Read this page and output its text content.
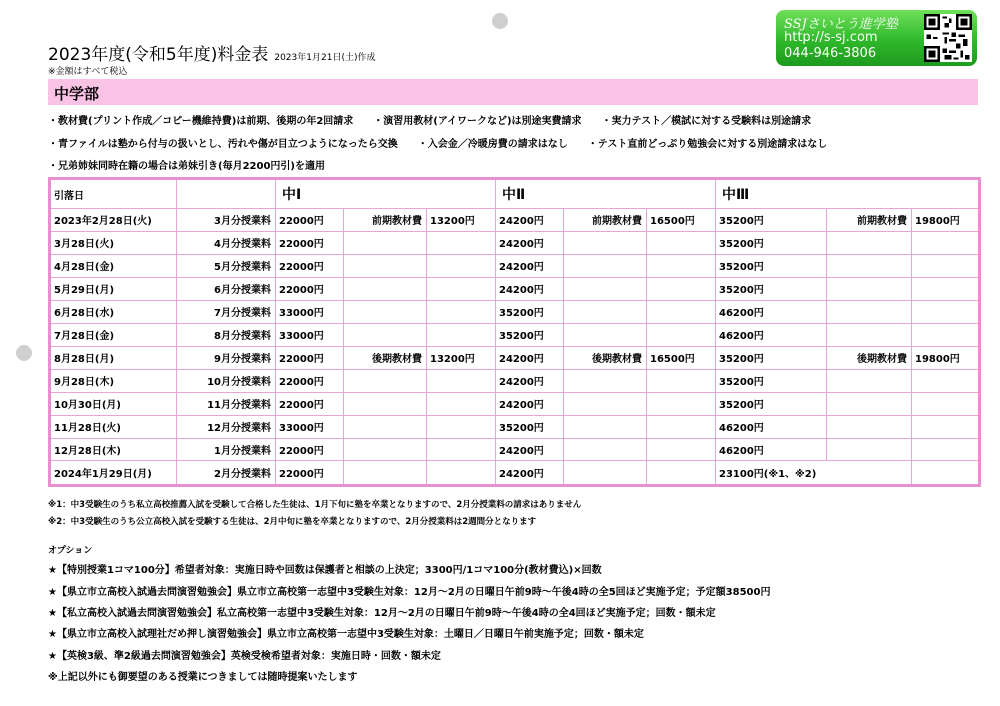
2023年度(令和5年度)料金表 2023年1月21日(土)作成
※金額はすべて税込
SSJさいとう進学塾
http://s-sj.com
044-946-3806
中学部
・教材費(プリント作成／コピー機維持費)は前期、後期の年2回請求　　・演習用教材(アイワークなど)は別途実費請求　　・実力テスト／模試に対する受験料は別途請求
・青ファイルは塾から付与の扱いとし、汚れや傷が目立つようになったら交換　　・入会金／冷暖房費の請求はなし　　・テスト直前どっぷり勉強会に対する別途請求はなし
・兄弟姉妹同時在籍の場合は弟妹引き(毎月2200円引)を適用
引落日		中Ⅰ			中Ⅱ			中Ⅲ		
2023年2月28日(火)	3月分授業料	22000円	前期教材費	13200円	24200円	前期教材費	16500円	35200円	前期教材費	19800円
3月28日(火)	4月分授業料	22000円			24200円			35200円		
4月28日(金)	5月分授業料	22000円			24200円			35200円		
5月29日(月)	6月分授業料	22000円			24200円			35200円		
6月28日(水)	7月分授業料	33000円			35200円			46200円		
7月28日(金)	8月分授業料	33000円			35200円			46200円		
8月28日(月)	9月分授業料	22000円	後期教材費	13200円	24200円	後期教材費	16500円	35200円	後期教材費	19800円
9月28日(木)	10月分授業料	22000円			24200円			35200円		
10月30日(月)	11月分授業料	22000円			24200円			35200円		
11月28日(火)	12月分授業料	33000円			35200円			46200円		
12月28日(木)	1月分授業料	22000円			24200円			46200円		
2024年1月29日(月)	2月分授業料	22000円			24200円			23100円(※1、※2)		
※1：中3受験生のうち私立高校推薦入試を受験して合格した生徒は、1月下旬に塾を卒業となりますので、2月分授業料の請求はありません
※2：中3受験生のうち公立高校入試を受験する生徒は、2月中旬に塾を卒業となりますので、2月分授業料は2週間分となります
オプション
★【特別授業1コマ100分】希望者対象：実施日時や回数は保護者と相談の上決定；3300円/1コマ100分(教材費込)×回数
★【県立市立高校入試過去問演習勉強会】県立市立高校第一志望中3受験生対象：12月～2月の日曜日午前9時～午後4時の全5回ほど実施予定；予定額38500円
★【私立高校入試過去問演習勉強会】私立高校第一志望中3受験生対象：12月～2月の日曜日午前9時～午後4時の全4回ほど実施予定；回数・額未定
★【県立市立高校入試理社だめ押し演習勉強会】県立市立高校第一志望中3受験生対象：土曜日／日曜日午前実施予定；回数・額未定
★【英検3級、準2級過去問演習勉強会】英検受検希望者対象：実施日時・回数・額未定
※上記以外にも御要望のある授業につきましては随時提案いたします
